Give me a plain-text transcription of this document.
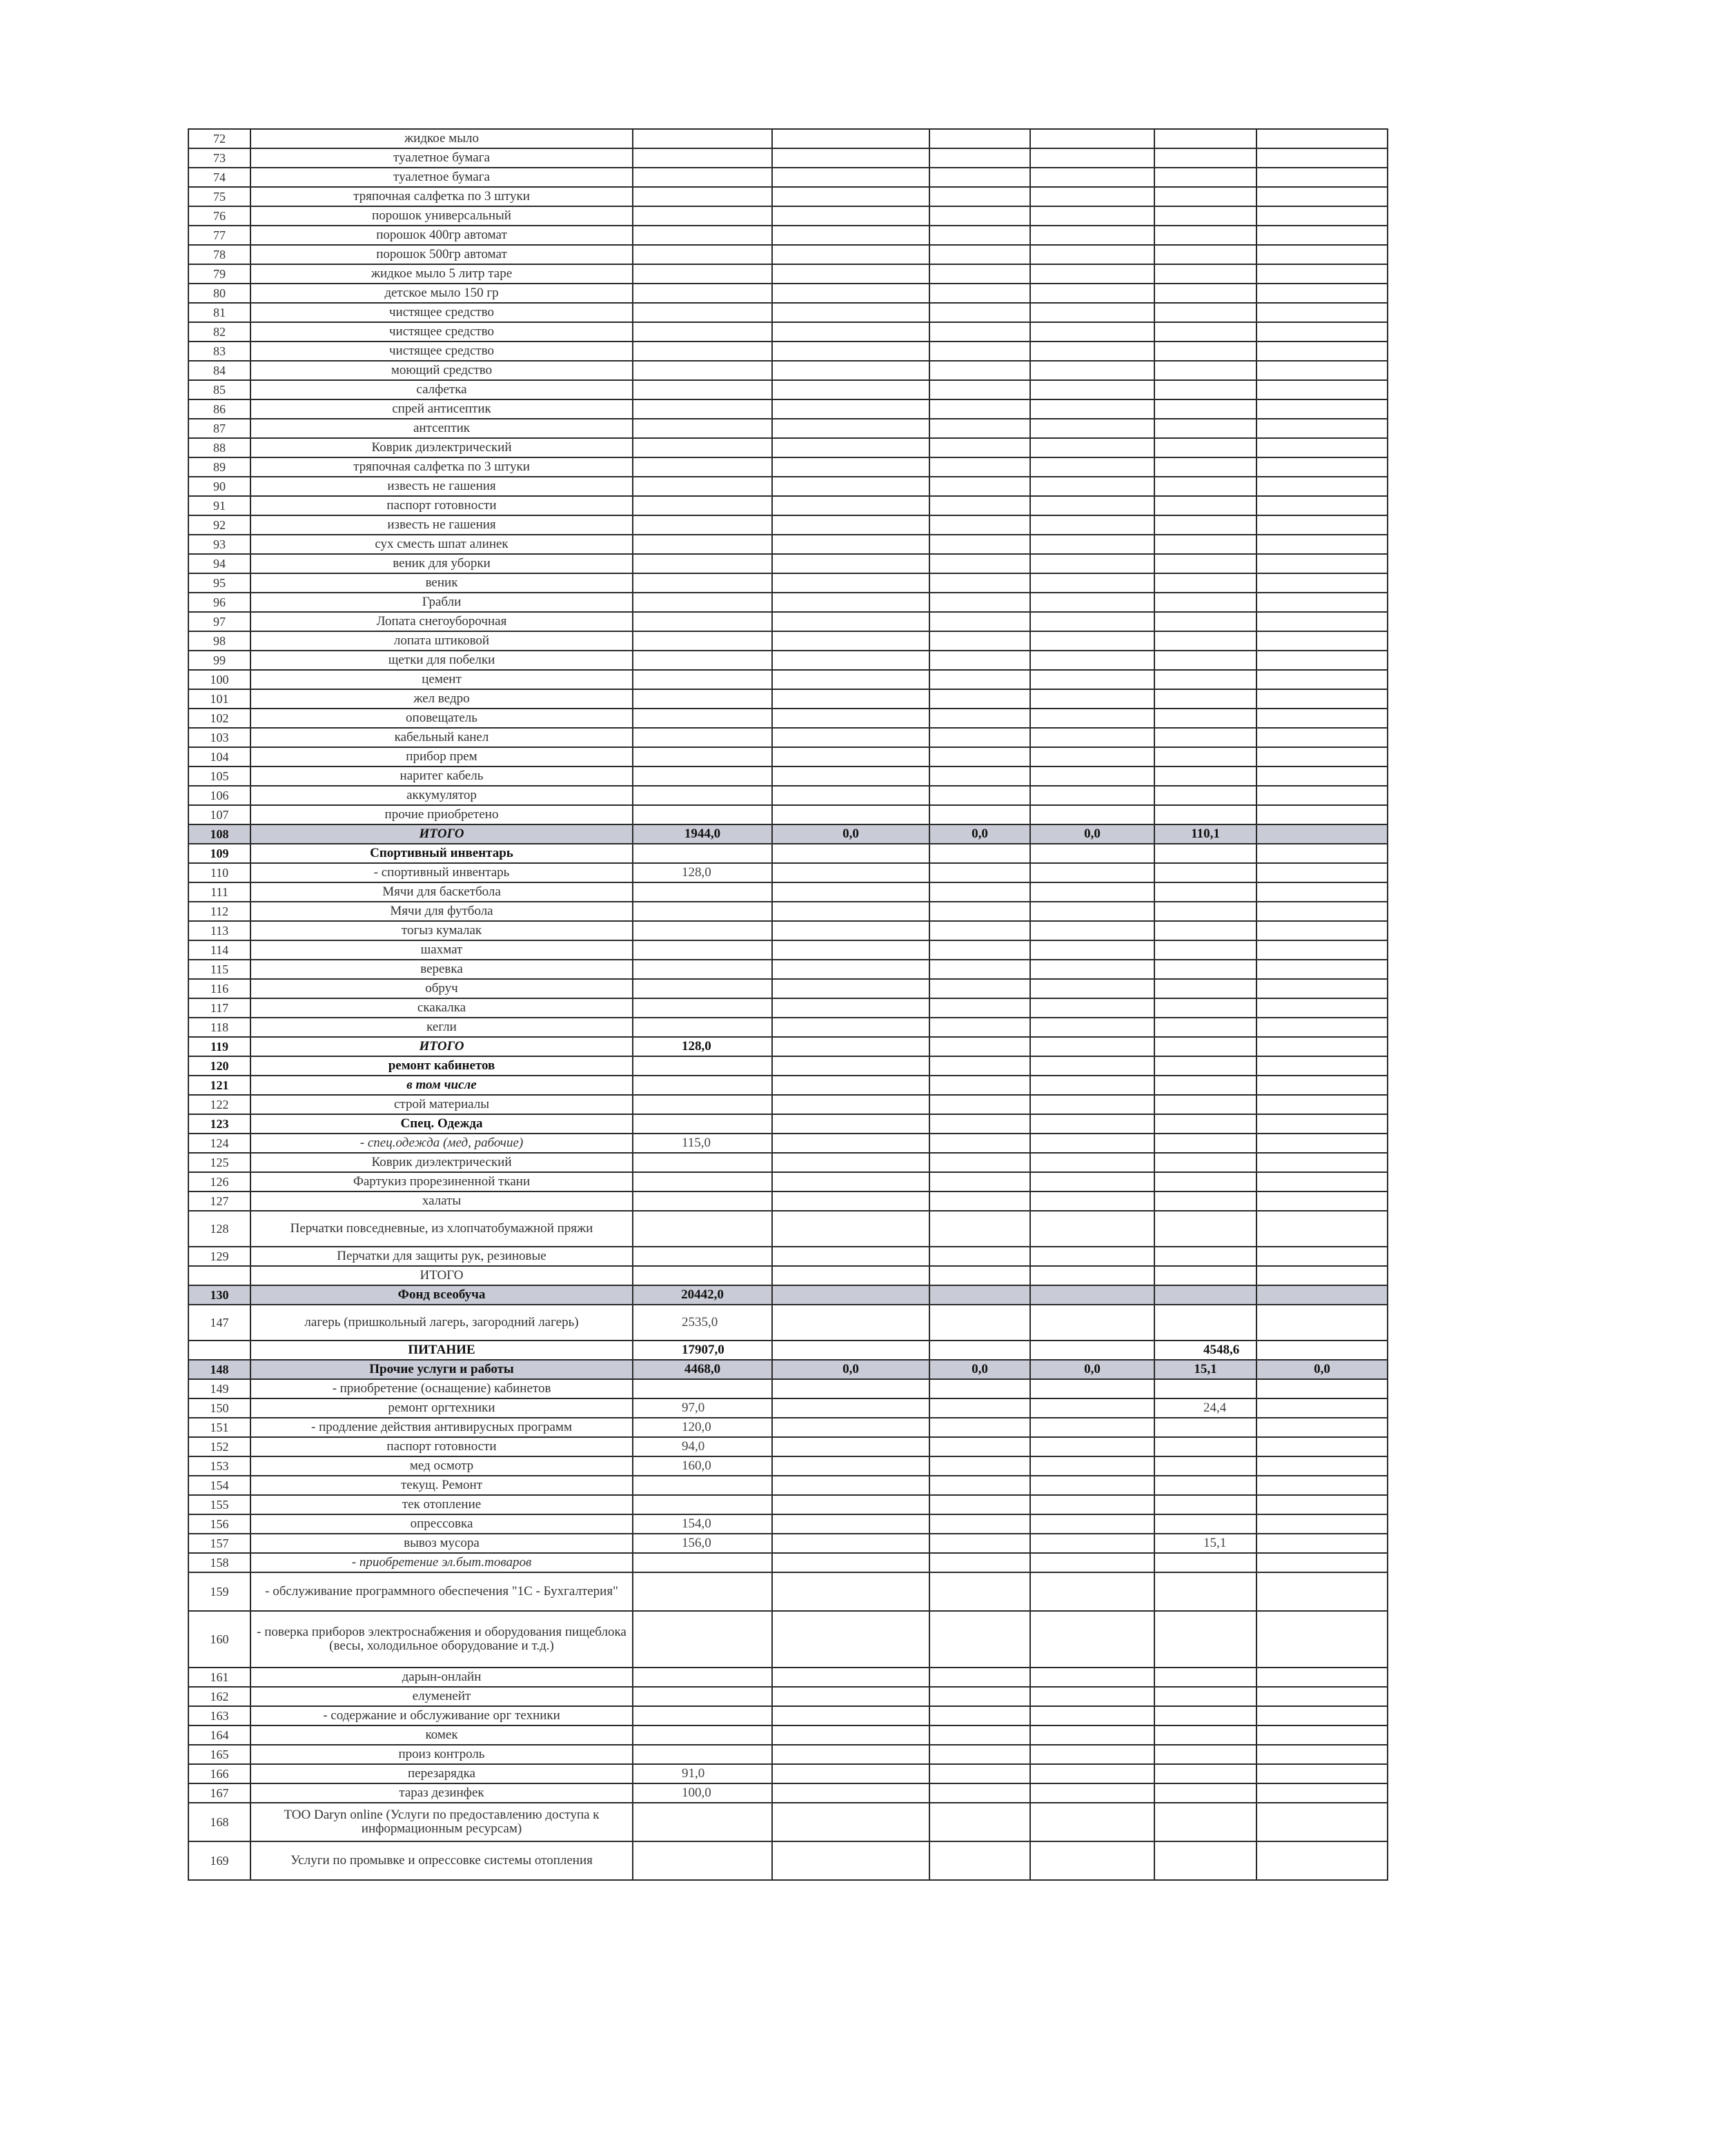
72	жидкое мыло						
73	туалетное бумага						
74	туалетное бумага						
75	тряпочная салфетка по 3 штуки						
76	порошок универсальный						
77	порошок 400гр автомат						
78	порошок 500гр автомат						
79	жидкое мыло 5 литр таре						
80	детское мыло 150 гр						
81	чистящее средство						
82	чистящее средство						
83	чистящее средство						
84	моющий средство						
85	салфетка						
86	спрей антисептик						
87	антсептик						
88	Коврик диэлектрический						
89	тряпочная салфетка по 3 штуки						
90	известь не гашения						
91	паспорт готовности						
92	известь не гашения						
93	сух сместь шпат алинек						
94	веник для уборки						
95	веник						
96	Грабли						
97	Лопата снегоуборочная						
98	лопата штиковой						
99	щетки для побелки						
100	цемент						
101	жел ведро						
102	оповещатель						
103	кабельный канел						
104	прибор прем						
105	наритег кабель						
106	аккумулятор						
107	прочие приобретено						
108	ИТОГО	1944,0	0,0	0,0	0,0	110,1	
109	Спортивный инвентарь						
110	- спортивный инвентарь	128,0					
111	Мячи для баскетбола						
112	Мячи для футбола						
113	тогыз кумалак						
114	шахмат						
115	веревка						
116	обруч						
117	скакалка						
118	кегли						
119	ИТОГО	128,0					
120	ремонт кабинетов						
121	в том числе						
122	строй материалы						
123	Спец. Одежда						
124	- спец.одежда (мед, рабочие)	115,0					
125	Коврик диэлектрический						
126	Фартукиз прорезиненной ткани						
127	халаты						
128	Перчатки повседневные, из хлопчатобумажной пряжи						
129	Перчатки для защиты рук, резиновые						
	ИТОГО						
130	Фонд всеобуча	20442,0					
147	лагерь (пришкольный лагерь, загородний лагерь)	2535,0					
	ПИТАНИЕ	17907,0				4548,6	
148	Прочие услуги и работы	4468,0	0,0	0,0	0,0	15,1	0,0
149	- приобретение (оснащение) кабинетов						
150	ремонт оргтехники	97,0				24,4	
151	- продление действия антивирусных программ	120,0					
152	паспорт готовности	94,0					
153	мед осмотр	160,0					
154	текущ. Ремонт						
155	тек отопление						
156	опрессовка	154,0					
157	вывоз мусора	156,0				15,1	
158	- приобретение эл.быт.товаров						
159	- обслуживание программного обеспечения "1С - Бухгалтерия"						
160	- поверка приборов электроснабжения и оборудования пищеблока (весы, холодильное оборудование и т.д.)						
161	дарын-онлайн						
162	елуменейт						
163	- содержание и обслуживание орг техники						
164	комек						
165	произ контроль						
166	перезарядка	91,0					
167	тараз дезинфек	100,0					
168	ТОО Daryn online (Услуги по предоставлению доступа к информационным ресурсам)						
169	Услуги по промывке и опрессовке системы отопления						
